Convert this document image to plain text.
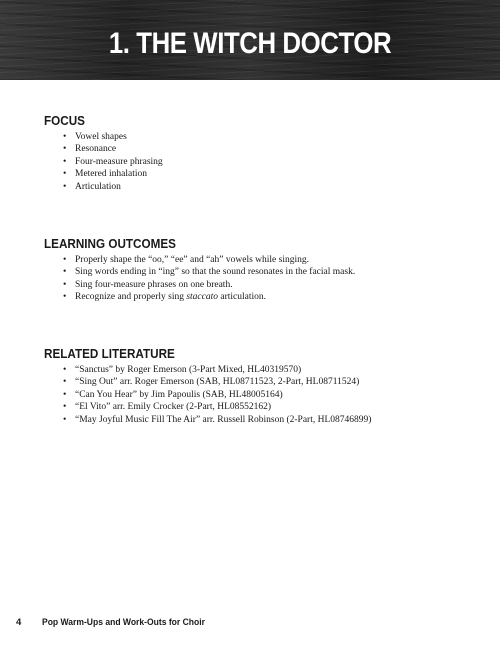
1. THE WITCH DOCTOR
FOCUS
• Vowel shapes
• Resonance
• Four-measure phrasing
• Metered inhalation
• Articulation
LEARNING OUTCOMES
• Properly shape the “oo,” “ee” and “ah” vowels while singing.
• Sing words ending in “ing” so that the sound resonates in the facial mask.
• Sing four-measure phrases on one breath.
• Recognize and properly sing staccato articulation.
RELATED LITERATURE
• “Sanctus” by Roger Emerson (3-Part Mixed, HL40319570)
• “Sing Out” arr. Roger Emerson (SAB, HL08711523, 2-Part, HL08711524)
• “Can You Hear” by Jim Papoulis (SAB, HL48005164)
• “El Vito” arr. Emily Crocker (2-Part, HL08552162)
• “May Joyful Music Fill The Air” arr. Russell Robinson (2-Part, HL08746899)
4 Pop Warm-Ups and Work-Outs for Choir
